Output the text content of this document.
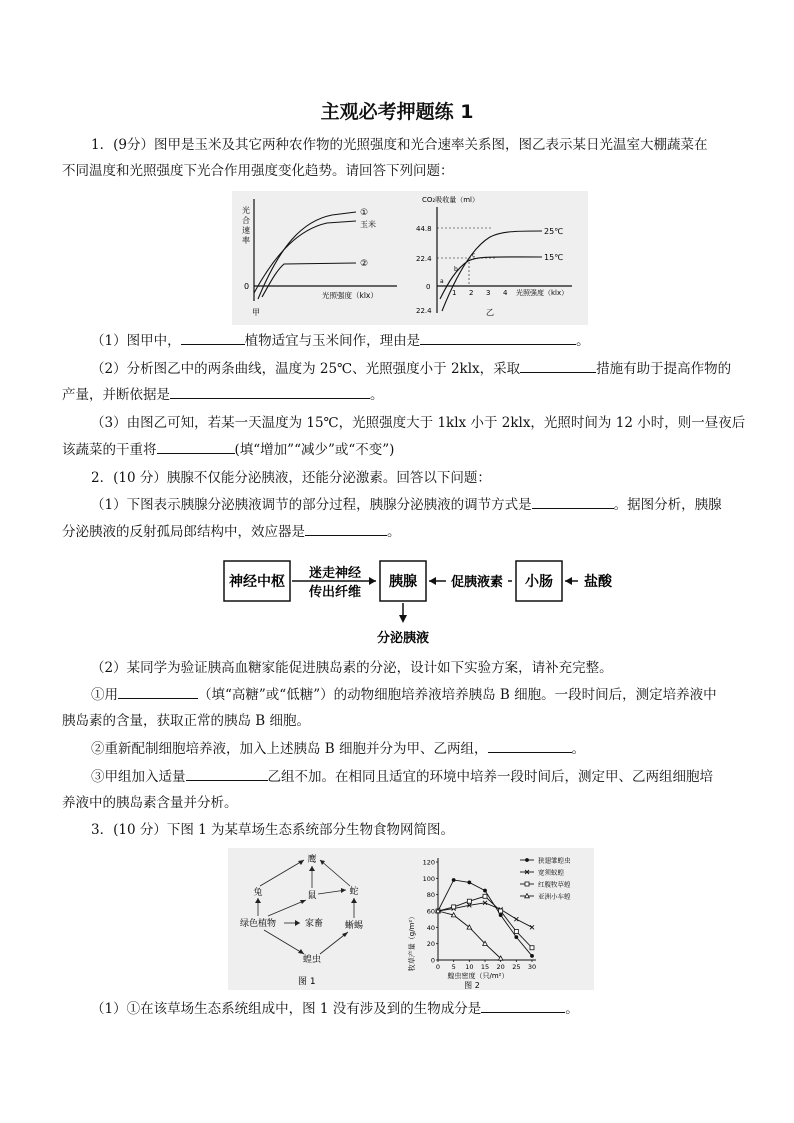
主观必考押题练 1
1．(9分）图甲是玉米及其它两种农作物的光照强度和光合速率关系图，图乙表示某日光温室大棚蔬菜在
不同温度和光照强度下光合作用强度变化趋势。请回答下列问题：
光
合
速
率
0
①
玉米
②
光照强度（klx）
甲
CO₂吸收量（ml）
44.8
22.4
0
22.4
1 2 3 4
25℃
15℃
a
b
c
光照强度（klx）
乙
（1）图甲中，	植物适宜与玉米间作，理由是	。
（2）分析图乙中的两条曲线，温度为 25℃、光照强度小于 2klx，采取	措施有助于提高作物的
产量，并断依据是	。
（3）由图乙可知，若某一天温度为 15℃，光照强度大于 1klx 小于 2klx，光照时间为 12 小时，则一昼夜后
该蔬菜的干重将	(填“增加”“减少”或“不变”)
2．(10 分）胰腺不仅能分泌胰液，还能分泌激素。回答以下问题：
（1）下图表示胰腺分泌胰液调节的部分过程，胰腺分泌胰液的调节方式是	。据图分析，胰腺
分泌胰液的反射孤局郎结构中，效应器是	。
神经中枢
迷走神经
传出纤维
胰腺	促胰液素 小肠 盐酸
分泌胰液
（2）某同学为验证胰高血糖家能促进胰岛素的分泌，设计如下实验方案，请补充完整。
①用	（填“高糖”或“低糖”）的动物细胞培养液培养胰岛 B 细胞。一段时间后，测定培养液中
胰岛素的含量，获取正常的胰岛 B 细胞。
②重新配制细胞培养液，加入上述胰岛 B 细胞并分为甲、乙两组，	。
③甲组加入适量	乙组不加。在相同且适宜的环境中培养一段时间后，测定甲、乙两组细胞培
养液中的胰岛素含量并分析。
3．(10 分）下图 1 为某草场生态系统部分生物食物网简图。
鹰
兔	鼠	蛇
绿色植物	家畜 蜥蜴
蝗虫
图 1
牧草产量（g/m²）
蝗虫密度（只/m²）
图 2
0
20
40
60
80
100
120
0 5 10 15 20 25 30
狭翅雏蝗虫
宽须蚁蝗
红腹牧草蝗
亚洲小车蝗
（1）①在该草场生态系统组成中，图 1 没有涉及到的生物成分是	。
